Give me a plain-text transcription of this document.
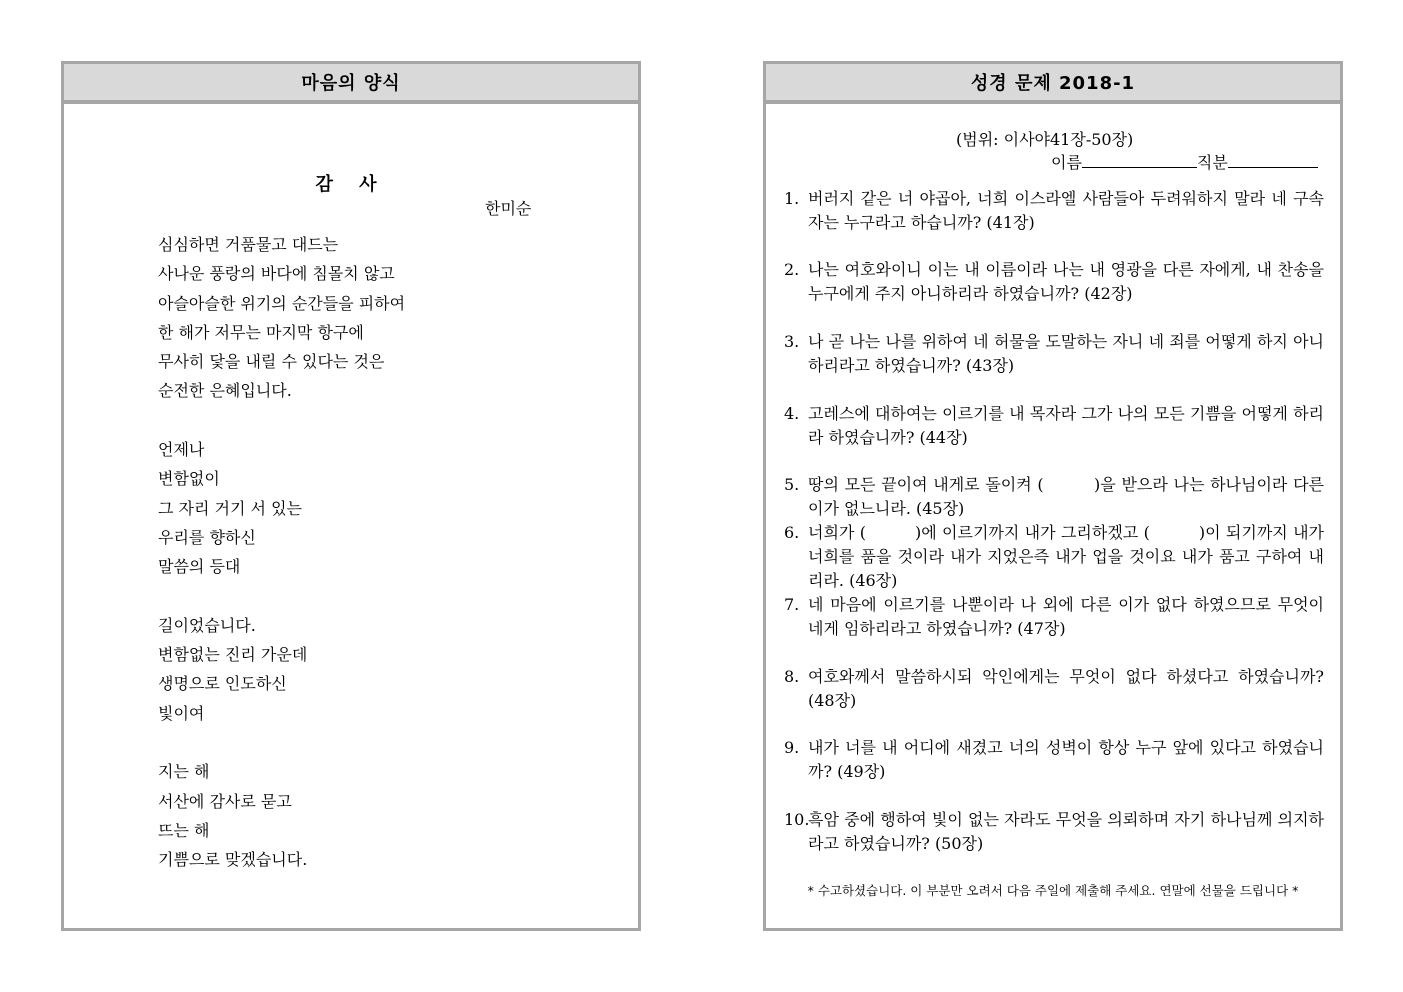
마음의 양식
감 사
한미순
심심하면 거품물고 대드는
사나운 풍랑의 바다에 침몰치 않고
아슬아슬한 위기의 순간들을 피하여
한 해가 저무는 마지막 항구에
무사히 닻을 내릴 수 있다는 것은
순전한 은혜입니다.
언제나
변함없이
그 자리 거기 서 있는
우리를 향하신
말씀의 등대
길이었습니다.
변함없는 진리 가운데
생명으로 인도하신
빛이여
지는 해
서산에 감사로 묻고
뜨는 해
기쁨으로 맞겠습니다.
성경 문제 2018-1
(범위: 이사야41장-50장)
이름	직분
1. 버러지 같은 너 야곱아, 너희 이스라엘 사람들아 두려워하지 말라 네 구속자는 누구라고 하습니까? (41장)
2. 나는 여호와이니 이는 내 이름이라 나는 내 영광을 다른 자에게, 내 찬송을 누구에게 주지 아니하리라 하였습니까? (42장)
3. 나 곧 나는 나를 위하여 네 허물을 도말하는 자니 네 죄를 어떻게 하지 아니하리라고 하였습니까? (43장)
4. 고레스에 대하여는 이르기를 내 목자라 그가 나의 모든 기쁨을 어떻게 하리라 하였습니까? (44장)
5. 땅의 모든 끝이여 내게로 돌이켜 (　　　)을 받으라 나는 하나님이라 다른 이가 없느니라. (45장)
6. 너희가 (　　　)에 이르기까지 내가 그리하겠고 (　　　)이 되기까지 내가 너희를 품을 것이라 내가 지었은즉 내가 업을 것이요 내가 품고 구하여 내리라. (46장)
7. 네 마음에 이르기를 나뿐이라 나 외에 다른 이가 없다 하였으므로 무엇이 네게 임하리라고 하였습니까? (47장)
8. 여호와께서 말씀하시되 악인에게는 무엇이 없다 하셨다고 하였습니까? (48장)
9. 내가 너를 내 어디에 새겼고 너의 성벽이 항상 누구 앞에 있다고 하였습니까? (49장)
10.
흑암 중에 행하여 빛이 없는 자라도 무엇을 의뢰하며 자기 하나님께 의지하라고 하였습니까? (50장)
* 수고하셨습니다. 이 부분만 오려서 다음 주일에 제출해 주세요. 연말에 선물을 드립니다 *
